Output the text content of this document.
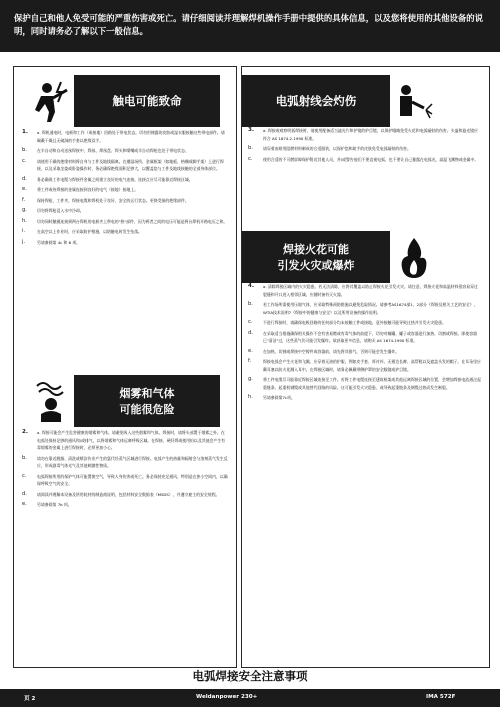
保护自己和他人免受可能的严重伤害或死亡。请仔细阅读并理解焊机操作手册中提供的具体信息，以及您将使用的其他设备的说明，同时请务必了解以下一般信息。

触电可能致命

1. a. 焊机通电时，电极和工作（或接地）回路处于带电状态。切勿用裸露的皮肤或湿衣服接触这些带电部件。请佩戴干燥且无破洞的手套以绝缘双手。
b.	在半自动和自动送丝焊接中，焊丝、焊丝盘、焊头和喷嘴或半自动焊枪也处于带电状态。
c.	请使用干燥的绝缘材料将自身与工件及地线隔离。在潮湿场所、金属框架（如地板、格栅或脚手架）上进行焊接，以及采取坐姿或卧姿操作时，务必确保绝缘面积足够大，以覆盖您与工件及地线接触的全部身体部位。
d.	务必确保工作电缆与焊接件金属之间建立良好的电气连接。连接点应尽可能靠近焊接区域。
e.	将工件或待焊接的金属连接到良好的电气（接地）接地上。
f.	保持焊枪、工件夹、焊接电缆和焊机处于良好、安全的运行状态。更换受损的绝缘部件。
g.	切勿将焊枪浸入水中冷却。
h.	切勿同时触摸连接到两台焊机的电极夹上带电的"热"部件，因为两者之间的电压可能是两台焊机开路电压之和。
i.	在高空以上作业时，应采取防护措施，以防触电时发生坠落。
j.	另请参阅第 4c 和 6 项。

烟雾和气体

可能很危险

2. a. 焊接可能会产生危害健康的烟雾和气体。请避免吸入这些烟雾和气体。焊接时，请将头部置于烟雾之外。在电弧处保持足够的通风和/或排气，以将烟雾和气体远离呼吸区域。在焊接、硬钎焊或使用铅以及其他会产生有毒烟雾的金属上进行焊接时，必须更加小心。
b.	请勿在靠近脱脂、清洗或喷涂作业产生的氯代烃蒸气区域进行焊接。电弧产生的热量和辐射会与溶剂蒸气发生反应，形成剧毒气体光气及其他刺激性物质。
c.	电弧焊接所用的保护气体可能置换空气，导致人身伤害或死亡。务必保持充足通风，特别是在狭小空间内，以确保呼吸空气的安全。
d.	请阅读并理解本设备及所用耗材的制造商说明，包括材料安全数据表（MSDS），并遵守雇主的安全规程。
e.	另请参阅第 7b 项。

电弧射线会灼伤

3. a. 焊接或观察明弧焊接时，请使用配备适当滤光片和护镜的护目镜，以保护眼睛免受火花和电弧辐射的伤害。头盔和滤光镜应符合 AS 1674.2-1990 标准。
b.	请穿着由耐用阻燃材料制成的合适服装，以保护您和助手的皮肤免受电弧辐射的伤害。
c.	使用合适的不可燃屏障保护附近其他人员，并/或警告他们不要直视电弧，也不要让自己暴露在电弧光、高温飞溅物或金属中。

焊接火花可能

引发火灾或爆炸

4. a. 清除焊接区域内的火灾隐患。若无法清除，应将其覆盖以防止焊接火花引发火灾。请注意，焊接火花和高温材料很容易穿过裂缝和开口进入相邻区域。应随时备有灭火器。
b.	若工作场所需使用压缩气体，应采取特殊预防措施以避免危险情况。请参考AS1674部1、2部分《焊接及相关工艺的安全》，WTIA技术说明7《焊接中的健康与安全》以及所用设备的操作说明。
c.	不进行焊接时，请确保电极回路的任何部分均未接触工件或接地。意外接触可能导致过热并引发火灾隐患。
d.	在采取适当措施确保相关操作不会有害易燃或有毒气体的前提下，切勿对桶罐、罐子或容器进行加热、切割或焊接。即使容器已"清洁"过，这些蒸气仍可能引发爆炸。欲获取更多信息，请购买 AS 1674-1990 标准。
e.	在加热、切割或焊接中空铸件或容器前，请先将其排气，否则可能会发生爆炸。
f.	焊接电弧会产生火花和飞溅。应穿着无油的护服，例如皮手套、厚衬衫、无褶边长裤、高帮鞋以及遮盖头发的帽子。在耳朵里应戴耳塞以防火花溅入耳中。在焊接区域时，请务必佩戴带侧护罩的安全眼镜或护目镜。
g.	将工件电缆尽可能靠近焊接区域连接至工件。若将工件电缆连接至建筑框架或其他远离焊接区域的位置，会增加焊接电流通过起重链条、起重机钢缆或其他替代回路的风险。这可能引发火灾隐患，或导致起重链条及钢缆过热而发生断裂。
h.	另请参阅第7c项。

电弧焊接安全注意事项

页 2	Weldanpower 230+	IMA 572F
